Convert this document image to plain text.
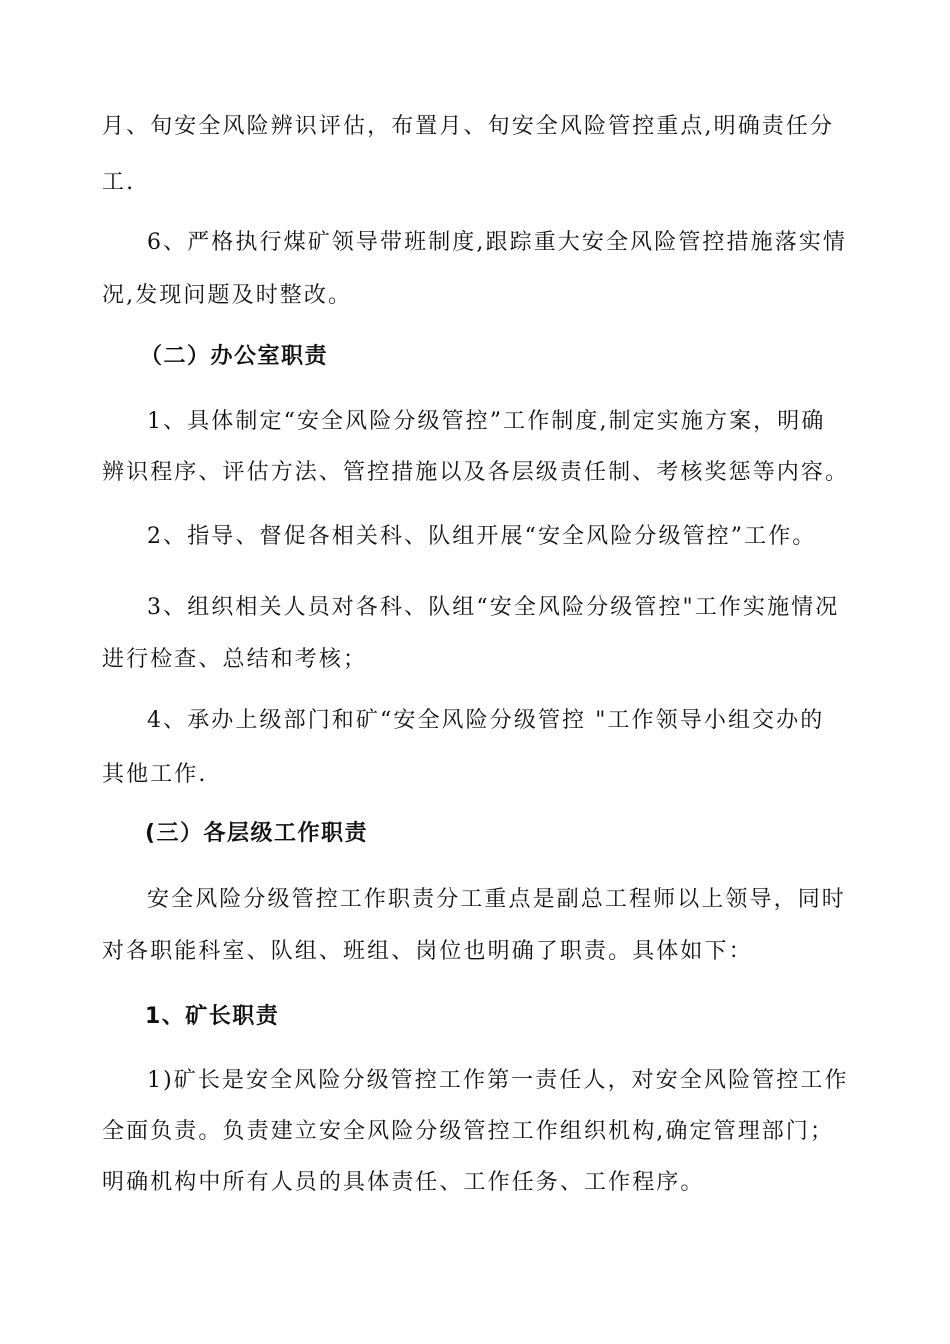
月、旬安全风险辨识评估，布置月、旬安全风险管控重点,明确责任分
工.
6、严格执行煤矿领导带班制度,跟踪重大安全风险管控措施落实情
况,发现问题及时整改。
（二）办公室职责
1、具体制定“安全风险分级管控”工作制度,制定实施方案，明确
辨识程序、评估方法、管控措施以及各层级责任制、考核奖惩等内容。
2、指导、督促各相关科、队组开展“安全风险分级管控”工作。
3、组织相关人员对各科、队组“安全风险分级管控"工作实施情况
进行检查、总结和考核；
4、承办上级部门和矿“安全风险分级管控 "工作领导小组交办的
其他工作.
(三）各层级工作职责
安全风险分级管控工作职责分工重点是副总工程师以上领导，同时
对各职能科室、队组、班组、岗位也明确了职责。具体如下：
1、矿长职责
1)矿长是安全风险分级管控工作第一责任人，对安全风险管控工作
全面负责。负责建立安全风险分级管控工作组织机构,确定管理部门；
明确机构中所有人员的具体责任、工作任务、工作程序。
